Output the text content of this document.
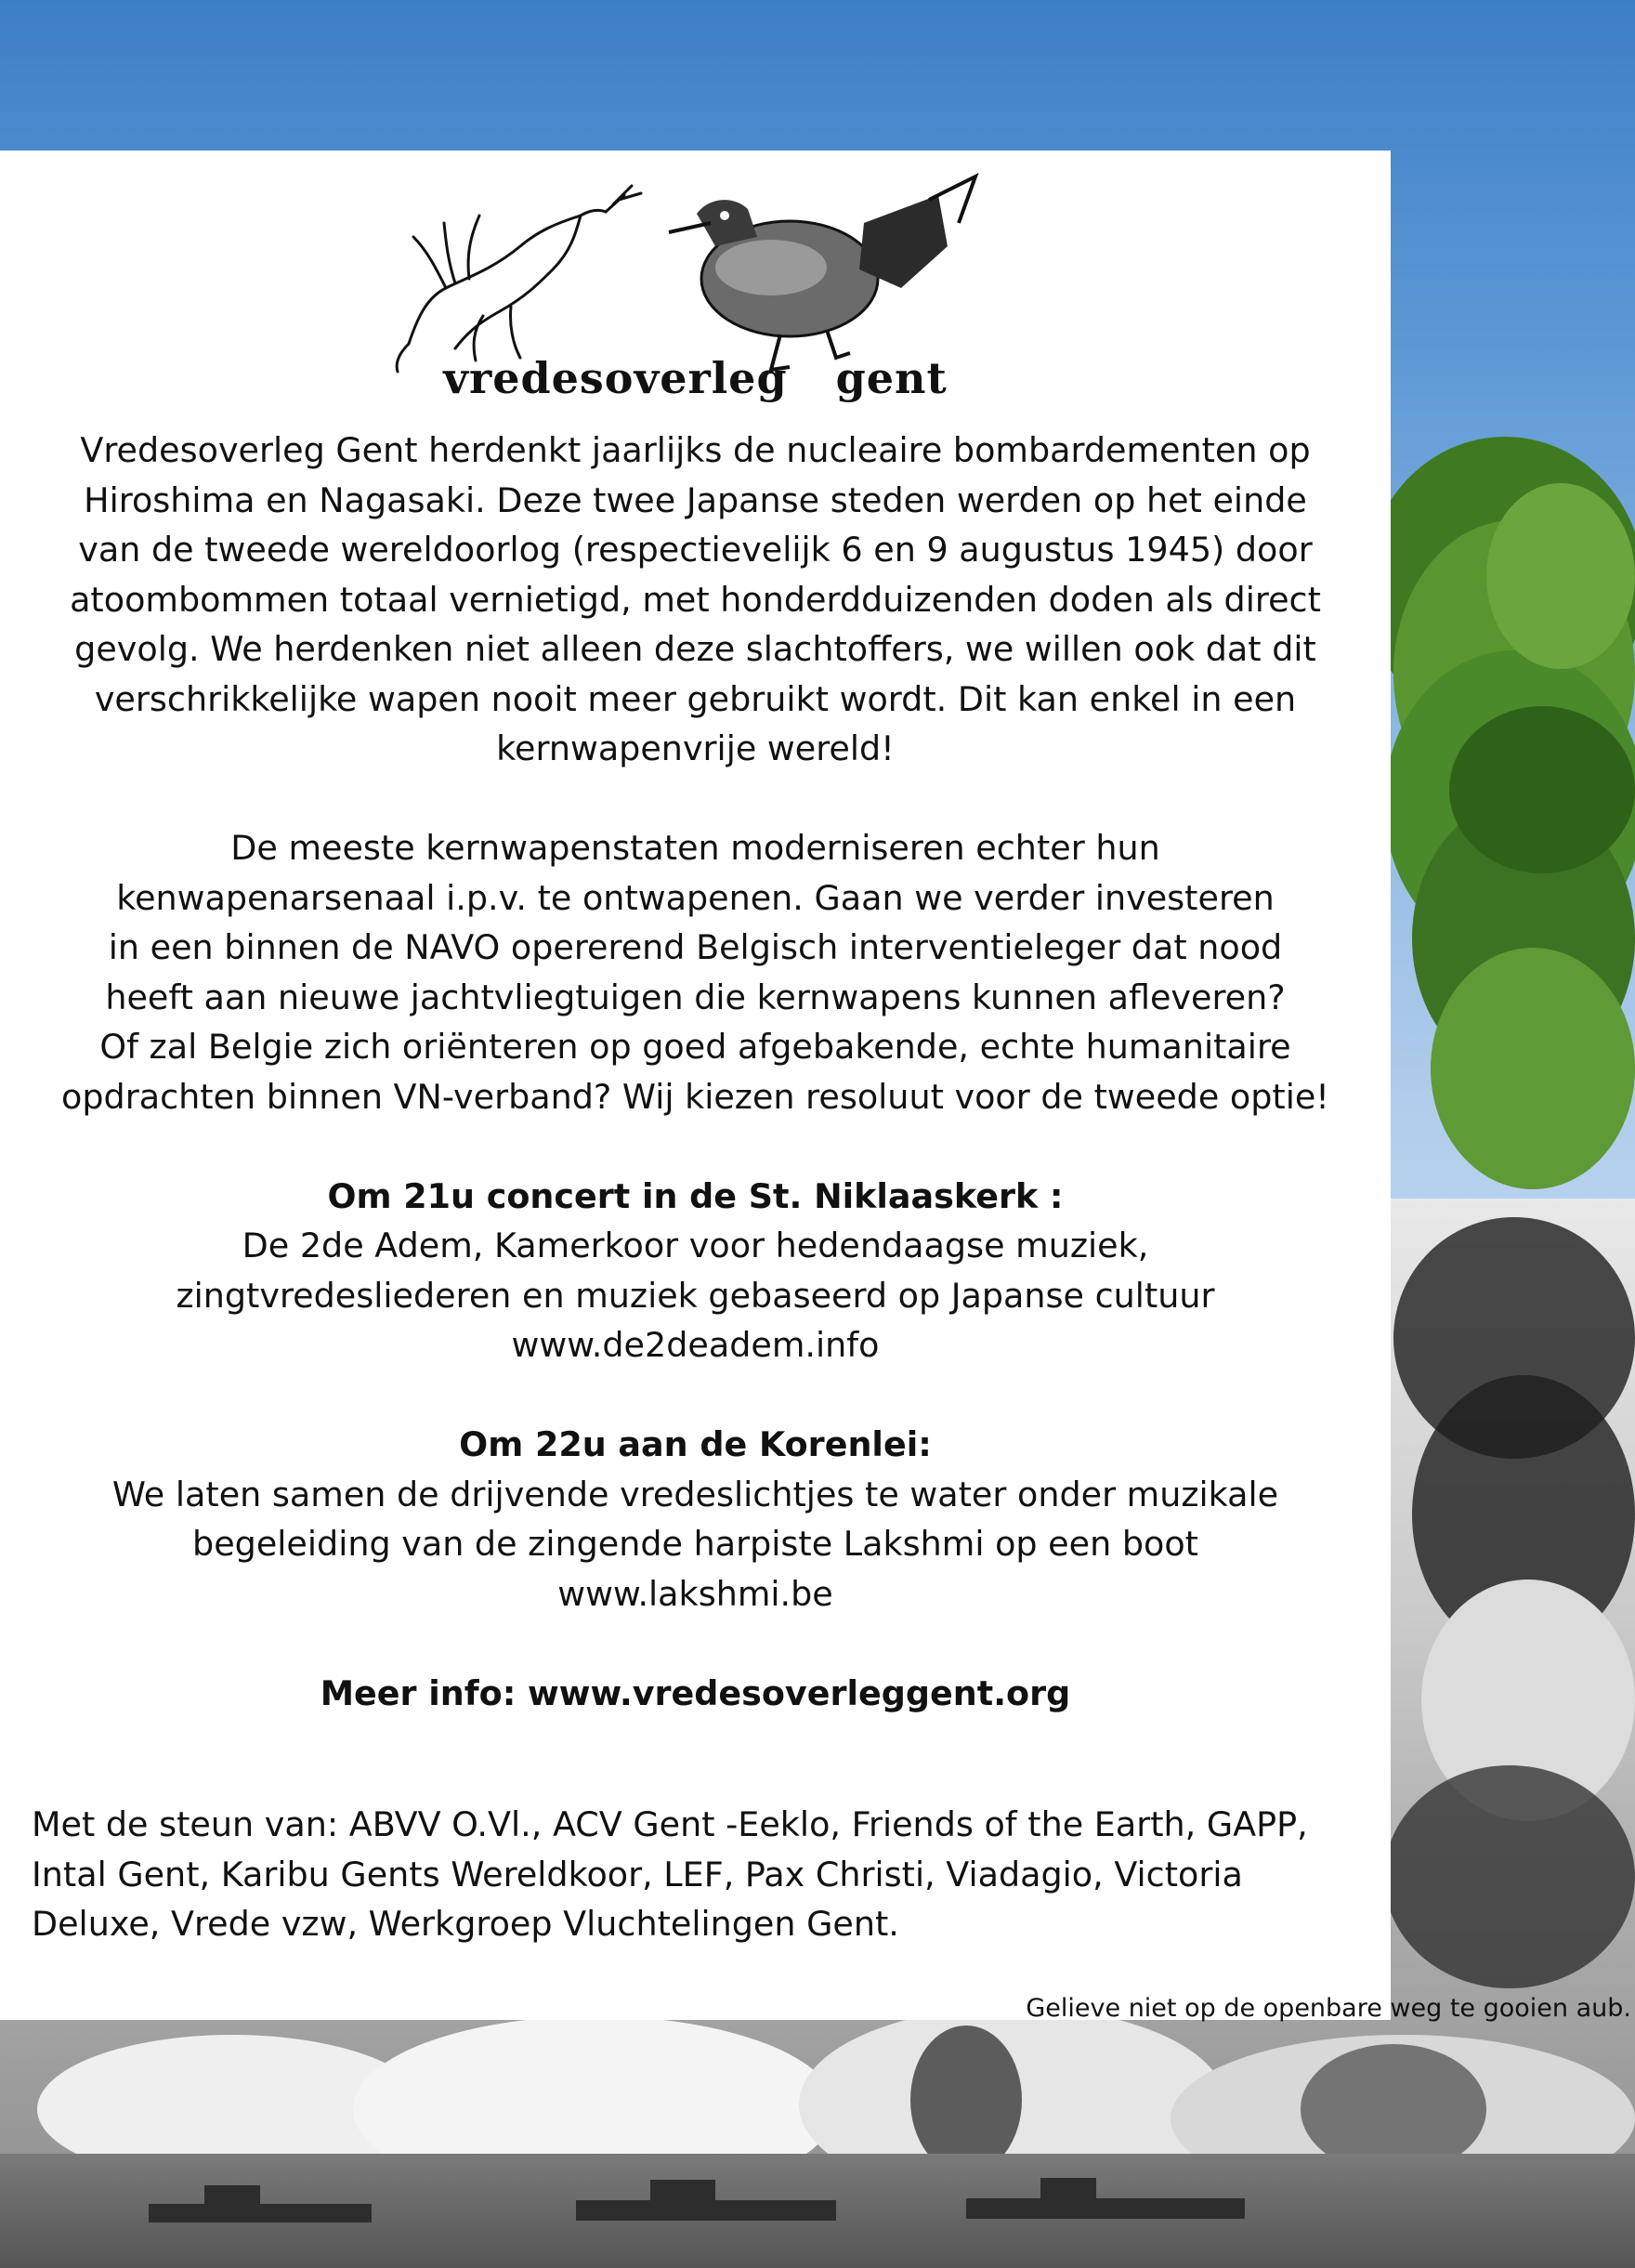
vredesoverleg gent

Vredesoverleg Gent herdenkt jaarlijks de nucleaire bombardementen op

Hiroshima en Nagasaki. Deze twee Japanse steden werden op het einde

van de tweede wereldoorlog (respectievelijk 6 en 9 augustus 1945) door

atoombommen totaal vernietigd, met honderdduizenden doden als direct

gevolg. We herdenken niet alleen deze slachtoffers, we willen ook dat dit

verschrikkelijke wapen nooit meer gebruikt wordt. Dit kan enkel in een

kernwapenvrije wereld!

De meeste kernwapenstaten moderniseren echter hun

kenwapenarsenaal i.p.v. te ontwapenen. Gaan we verder investeren

in een binnen de NAVO opererend Belgisch interventieleger dat nood

heeft aan nieuwe jachtvliegtuigen die kernwapens kunnen afleveren?

Of zal Belgie zich oriënteren op goed afgebakende, echte humanitaire

opdrachten binnen VN-verband? Wij kiezen resoluut voor de tweede optie!

Om 21u concert in de St. Niklaaskerk :

De 2de Adem, Kamerkoor voor hedendaagse muziek,

zingtvredesliederen en muziek gebaseerd op Japanse cultuur

www.de2deadem.info

Om 22u aan de Korenlei:

We laten samen de drijvende vredeslichtjes te water onder muzikale

begeleiding van de zingende harpiste Lakshmi op een boot

www.lakshmi.be

Meer info: www.vredesoverleggent.org

Met de steun van: ABVV O.Vl., ACV Gent -Eeklo, Friends of the Earth, GAPP,
Intal Gent, Karibu Gents Wereldkoor, LEF, Pax Christi, Viadagio, Victoria
Deluxe, Vrede vzw, Werkgroep Vluchtelingen Gent.
Gelieve niet op de openbare weg te gooien aub.
